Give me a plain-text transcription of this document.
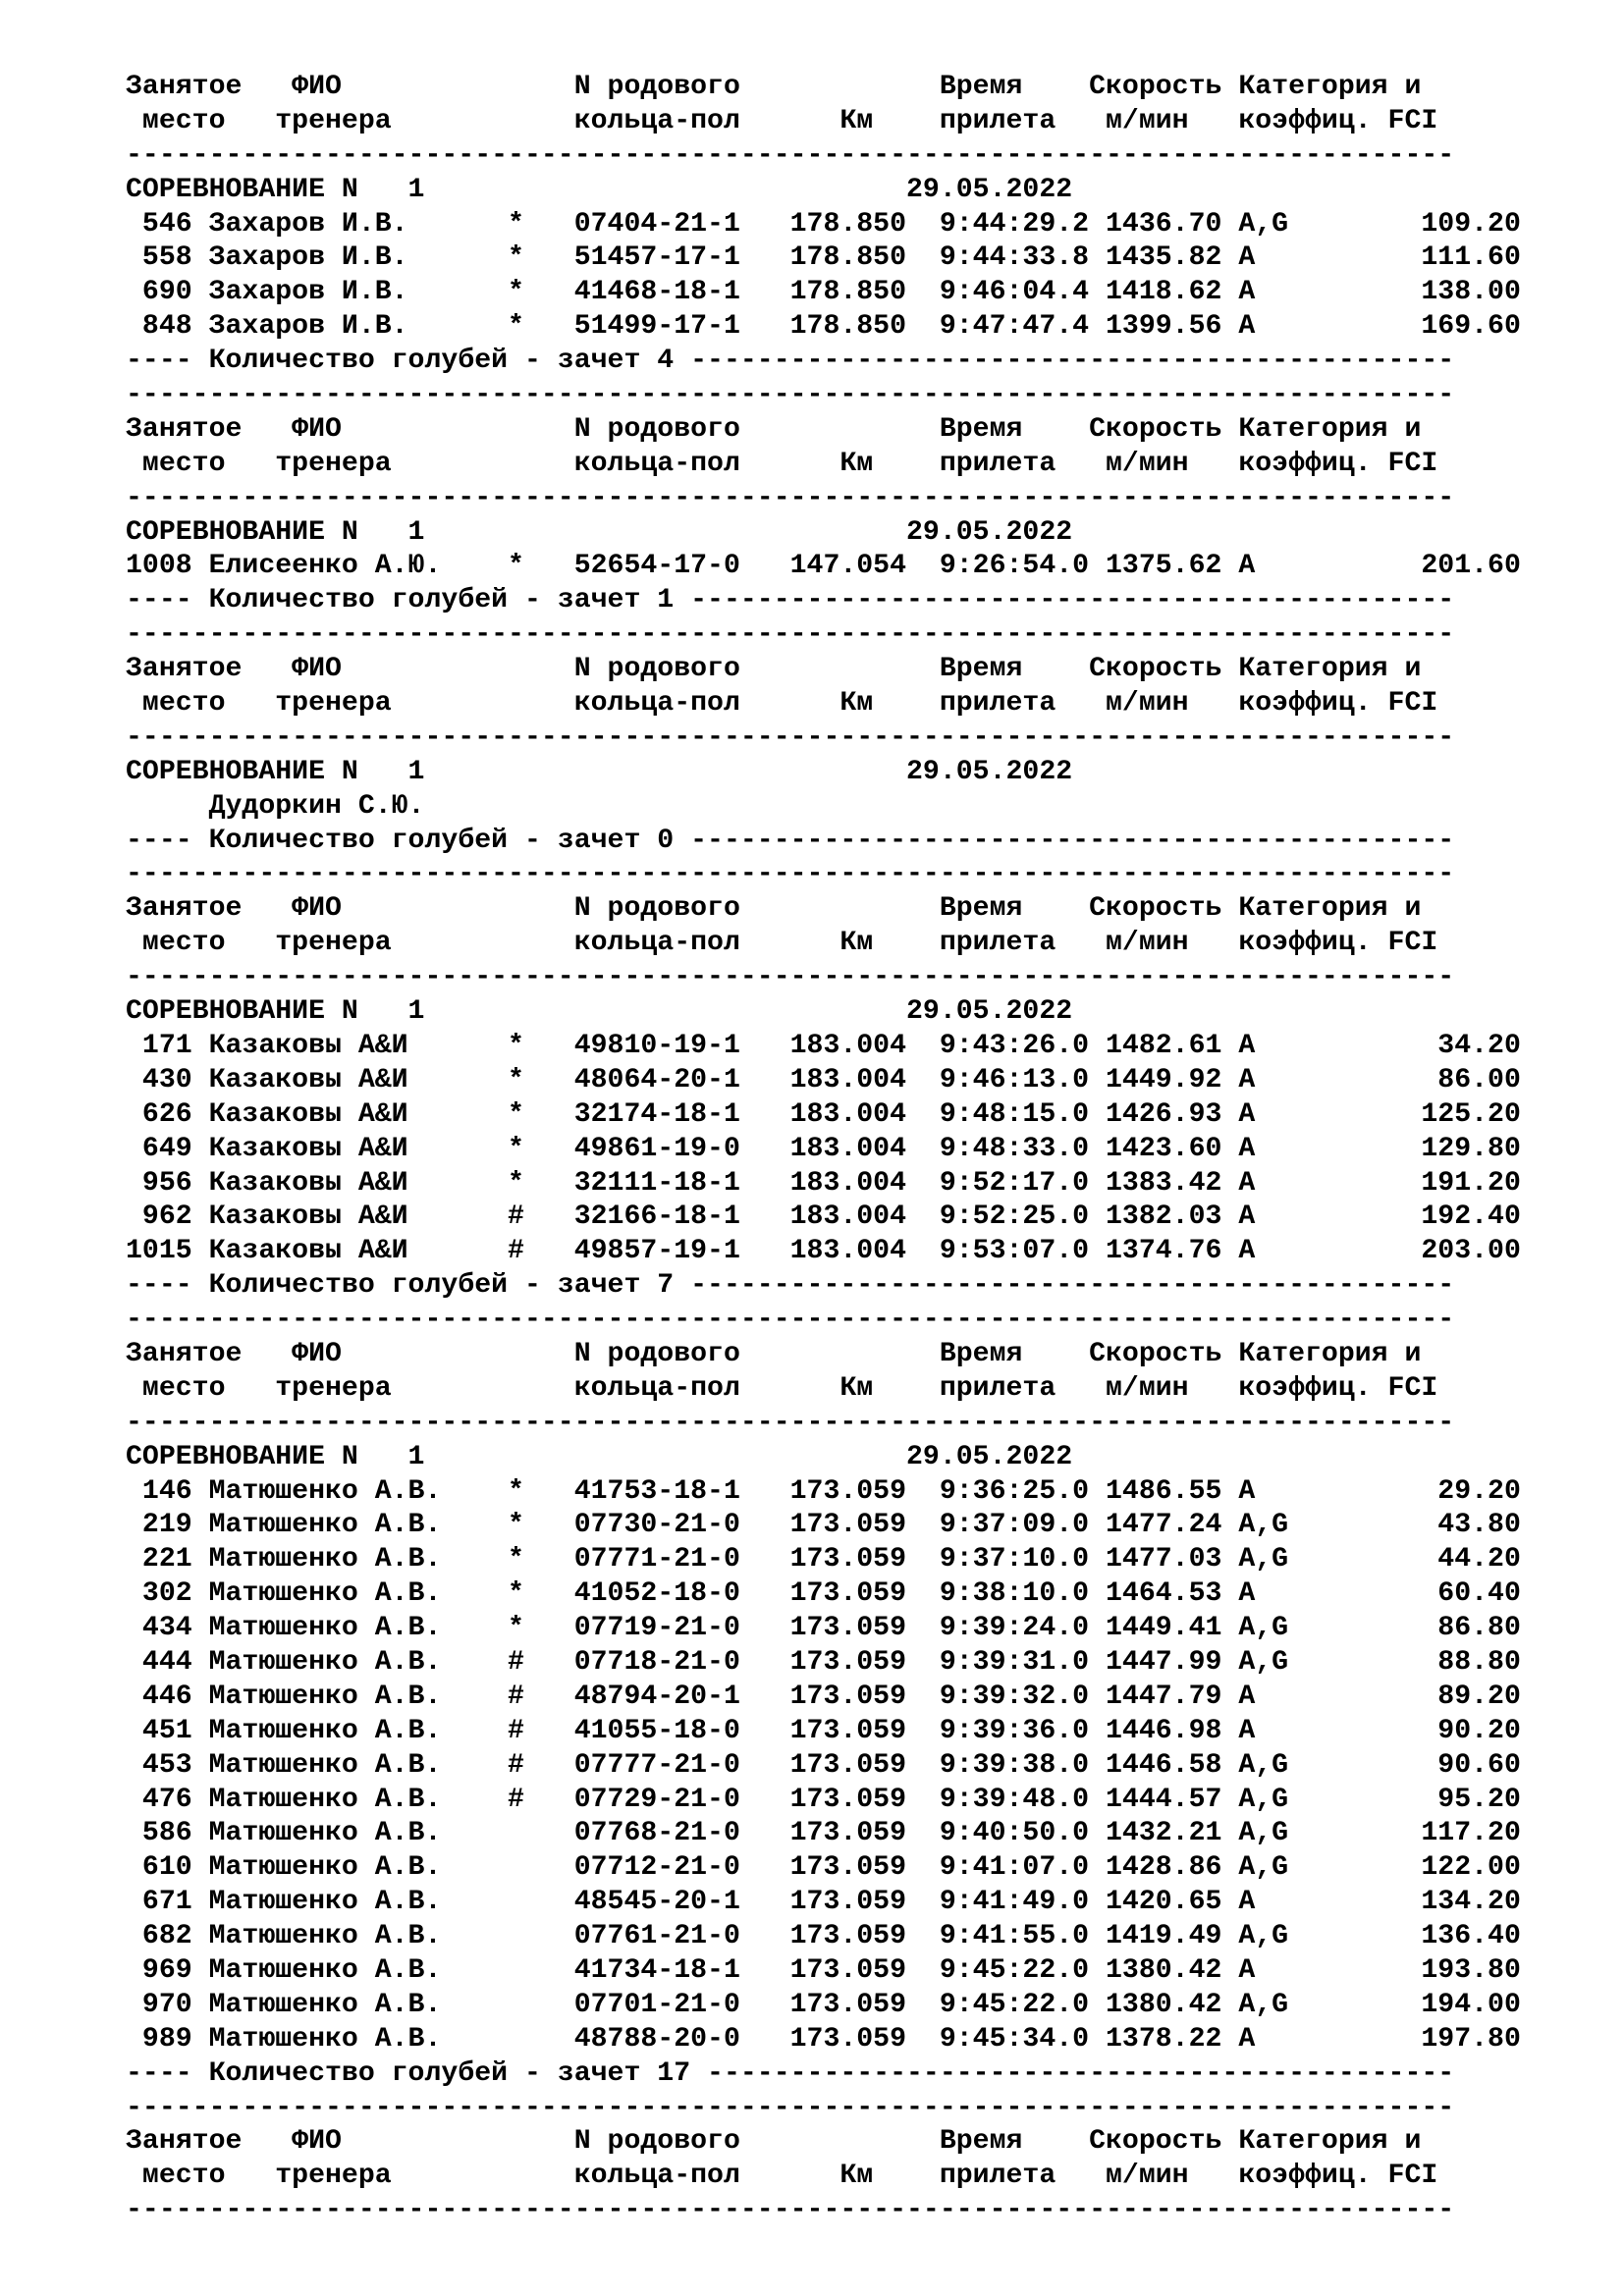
Занятое   ФИО              N родового            Время    Скорость Категория и
место   тренера           кольца-пол      Км    прилета   м/мин   коэффиц. FCI
--------------------------------------------------------------------------------
СОРЕВНОВАНИЕ N   1                             29.05.2022
546 Захаров И.В.      *   07404-21-1   178.850  9:44:29.2 1436.70 A,G        109.20
558 Захаров И.В.      *   51457-17-1   178.850  9:44:33.8 1435.82 A          111.60
690 Захаров И.В.      *   41468-18-1   178.850  9:46:04.4 1418.62 A          138.00
848 Захаров И.В.      *   51499-17-1   178.850  9:47:47.4 1399.56 A          169.60
---- Количество голубей - зачет 4 ----------------------------------------------
--------------------------------------------------------------------------------
Занятое   ФИО              N родового            Время    Скорость Категория и
место   тренера           кольца-пол      Км    прилета   м/мин   коэффиц. FCI
--------------------------------------------------------------------------------
СОРЕВНОВАНИЕ N   1                             29.05.2022
1008 Елисеенко А.Ю.    *   52654-17-0   147.054  9:26:54.0 1375.62 A          201.60
---- Количество голубей - зачет 1 ----------------------------------------------
--------------------------------------------------------------------------------
Занятое   ФИО              N родового            Время    Скорость Категория и
место   тренера           кольца-пол      Км    прилета   м/мин   коэффиц. FCI
--------------------------------------------------------------------------------
СОРЕВНОВАНИЕ N   1                             29.05.2022
Дудоркин С.Ю.
---- Количество голубей - зачет 0 ----------------------------------------------
--------------------------------------------------------------------------------
Занятое   ФИО              N родового            Время    Скорость Категория и
место   тренера           кольца-пол      Км    прилета   м/мин   коэффиц. FCI
--------------------------------------------------------------------------------
СОРЕВНОВАНИЕ N   1                             29.05.2022
171 Казаковы А&И      *   49810-19-1   183.004  9:43:26.0 1482.61 A           34.20
430 Казаковы А&И      *   48064-20-1   183.004  9:46:13.0 1449.92 A           86.00
626 Казаковы А&И      *   32174-18-1   183.004  9:48:15.0 1426.93 A          125.20
649 Казаковы А&И      *   49861-19-0   183.004  9:48:33.0 1423.60 A          129.80
956 Казаковы А&И      *   32111-18-1   183.004  9:52:17.0 1383.42 A          191.20
962 Казаковы А&И      #   32166-18-1   183.004  9:52:25.0 1382.03 A          192.40
1015 Казаковы А&И      #   49857-19-1   183.004  9:53:07.0 1374.76 A          203.00
---- Количество голубей - зачет 7 ----------------------------------------------
--------------------------------------------------------------------------------
Занятое   ФИО              N родового            Время    Скорость Категория и
место   тренера           кольца-пол      Км    прилета   м/мин   коэффиц. FCI
--------------------------------------------------------------------------------
СОРЕВНОВАНИЕ N   1                             29.05.2022
146 Матюшенко А.В.    *   41753-18-1   173.059  9:36:25.0 1486.55 A           29.20
219 Матюшенко А.В.    *   07730-21-0   173.059  9:37:09.0 1477.24 A,G         43.80
221 Матюшенко А.В.    *   07771-21-0   173.059  9:37:10.0 1477.03 A,G         44.20
302 Матюшенко А.В.    *   41052-18-0   173.059  9:38:10.0 1464.53 A           60.40
434 Матюшенко А.В.    *   07719-21-0   173.059  9:39:24.0 1449.41 A,G         86.80
444 Матюшенко А.В.    #   07718-21-0   173.059  9:39:31.0 1447.99 A,G         88.80
446 Матюшенко А.В.    #   48794-20-1   173.059  9:39:32.0 1447.79 A           89.20
451 Матюшенко А.В.    #   41055-18-0   173.059  9:39:36.0 1446.98 A           90.20
453 Матюшенко А.В.    #   07777-21-0   173.059  9:39:38.0 1446.58 A,G         90.60
476 Матюшенко А.В.    #   07729-21-0   173.059  9:39:48.0 1444.57 A,G         95.20
586 Матюшенко А.В.        07768-21-0   173.059  9:40:50.0 1432.21 A,G        117.20
610 Матюшенко А.В.        07712-21-0   173.059  9:41:07.0 1428.86 A,G        122.00
671 Матюшенко А.В.        48545-20-1   173.059  9:41:49.0 1420.65 A          134.20
682 Матюшенко А.В.        07761-21-0   173.059  9:41:55.0 1419.49 A,G        136.40
969 Матюшенко А.В.        41734-18-1   173.059  9:45:22.0 1380.42 A          193.80
970 Матюшенко А.В.        07701-21-0   173.059  9:45:22.0 1380.42 A,G        194.00
989 Матюшенко А.В.        48788-20-0   173.059  9:45:34.0 1378.22 A          197.80
---- Количество голубей - зачет 17 ---------------------------------------------
--------------------------------------------------------------------------------
Занятое   ФИО              N родового            Время    Скорость Категория и
место   тренера           кольца-пол      Км    прилета   м/мин   коэффиц. FCI
--------------------------------------------------------------------------------
